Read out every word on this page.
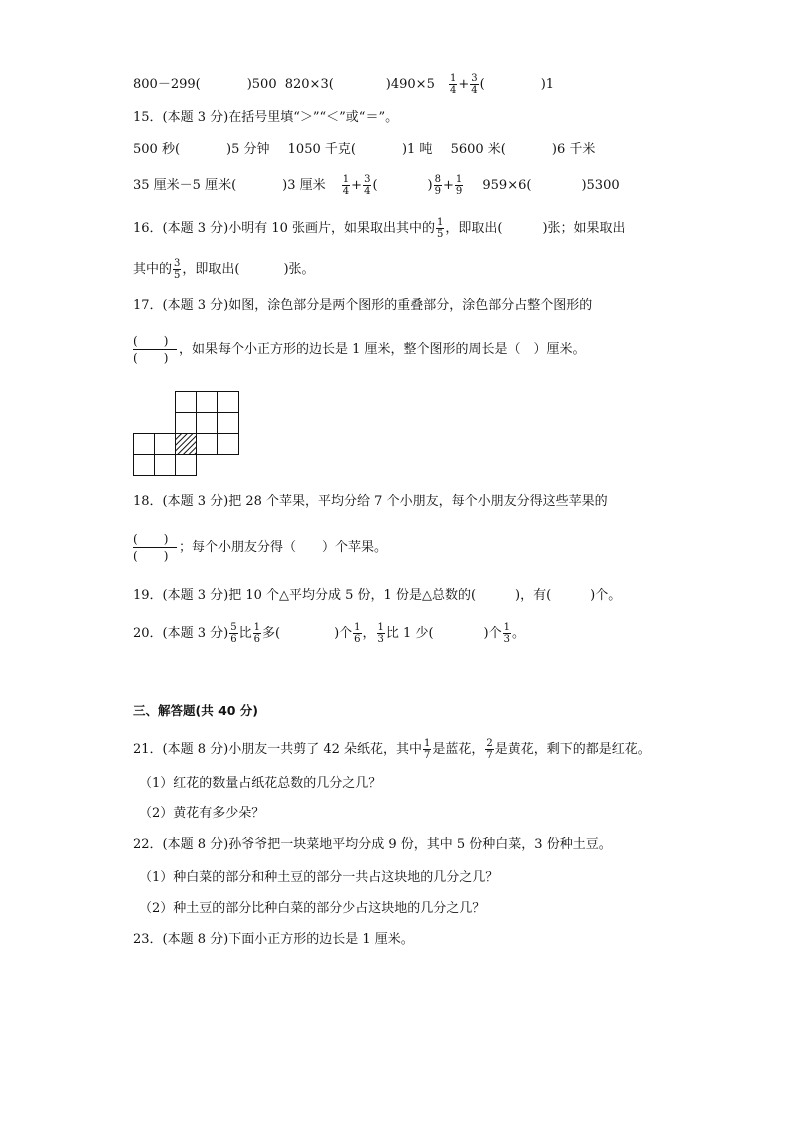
800－299(	)500 820×3(	)$490\times 5 \frac{1}{4} + \frac{3}{4}$ (	)1
15．(本题 3 分)在括号里填“＞”“＜”或“＝”。
500 秒(	)5 分钟 1050 千克(	)1 吨 5600 米(	)6 千米
35 厘米－5 厘米(	)3 厘米 $\frac{1}{4} + \frac{3}{4}$ (	) $\frac{8}{9} + \frac{1}{9} 959\times 6$(	)5300
16．(本题 3 分)小明有 10 张画片，如果取出其中的 $\frac{1}{5}$ ，即取出(	)张；如果取出
其中的 $\frac{3}{5}$ ，即取出(	)张。
17．(本题 3 分)如图，涂色部分是两个图形的重叠部分，涂色部分占整个图形的
( )
( )
，如果每个小正方形的边长是 1 厘米，整个图形的周长是（　）厘米。
18．(本题 3 分)把 28 个苹果，平均分给 7 个小朋友，每个小朋友分得这些苹果的
( )
( )
；每个小朋友分得（　　）个苹果。
19．(本题 3 分)把 10 个△平均分成 5 份，1 份是△总数的(　　　)，有(　　　)个。
20．(本题 3 分) $\frac{5}{6}$ 比 $\frac{1}{6}$ 多(	)个 $\frac{1}{6}$ ， $\frac{1}{3}$ 比 1 少(	)个 $\frac{1}{3}$ 。
三、解答题(共 40 分)
21．(本题 8 分)小朋友一共剪了 42 朵纸花，其中 $\frac{1}{7}$ 是蓝花， $\frac{2}{7}$ 是黄花，剩下的都是红花。
（1）红花的数量占纸花总数的几分之几？
（2）黄花有多少朵？
22．(本题 8 分)孙爷爷把一块菜地平均分成 9 份，其中 5 份种白菜，3 份种土豆。
（1）种白菜的部分和种土豆的部分一共占这块地的几分之几？
（2）种土豆的部分比种白菜的部分少占这块地的几分之几？
23．(本题 8 分)下面小正方形的边长是 1 厘米。
